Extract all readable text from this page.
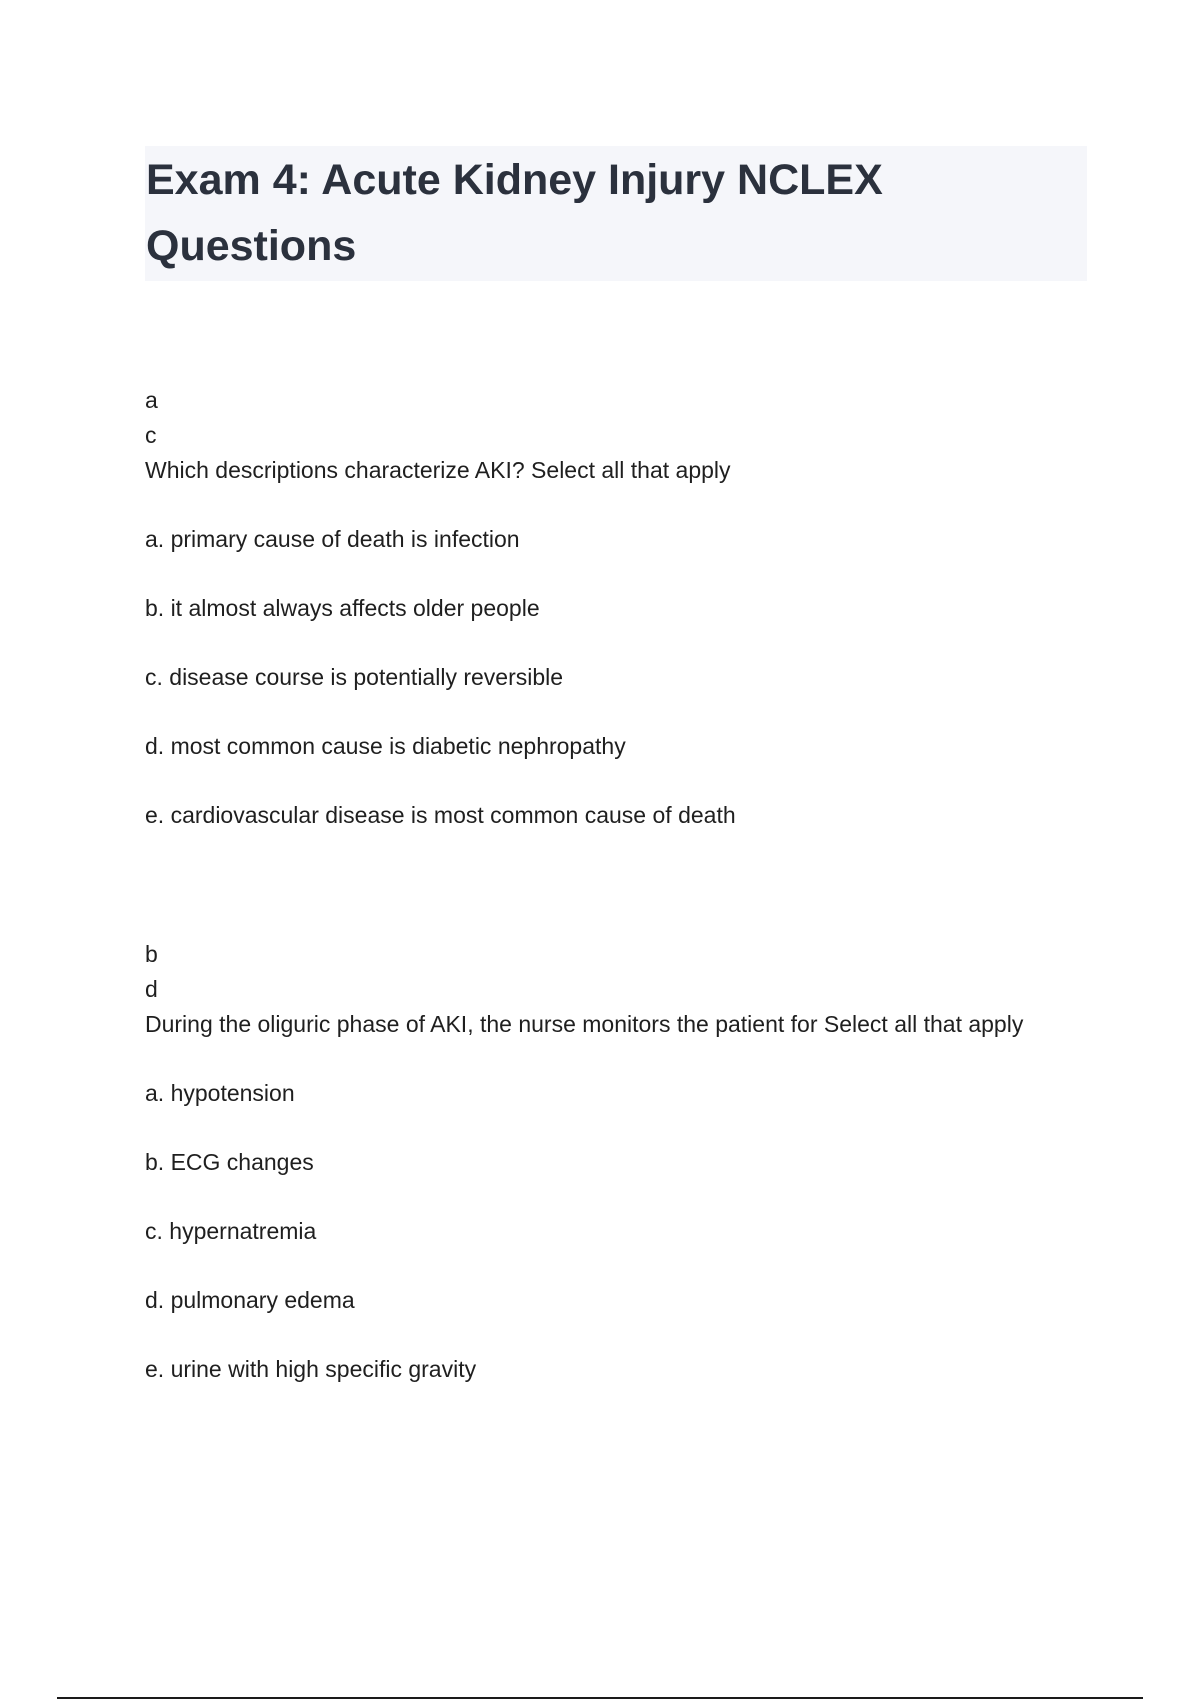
Exam 4: Acute Kidney Injury NCLEX Questions

a

c

Which descriptions characterize AKI? Select all that apply

a. primary cause of death is infection

b. it almost always affects older people

c. disease course is potentially reversible

d. most common cause is diabetic nephropathy

e. cardiovascular disease is most common cause of death

b

d

During the oliguric phase of AKI, the nurse monitors the patient for Select all that apply

a. hypotension

b. ECG changes

c. hypernatremia

d. pulmonary edema

e. urine with high specific gravity
